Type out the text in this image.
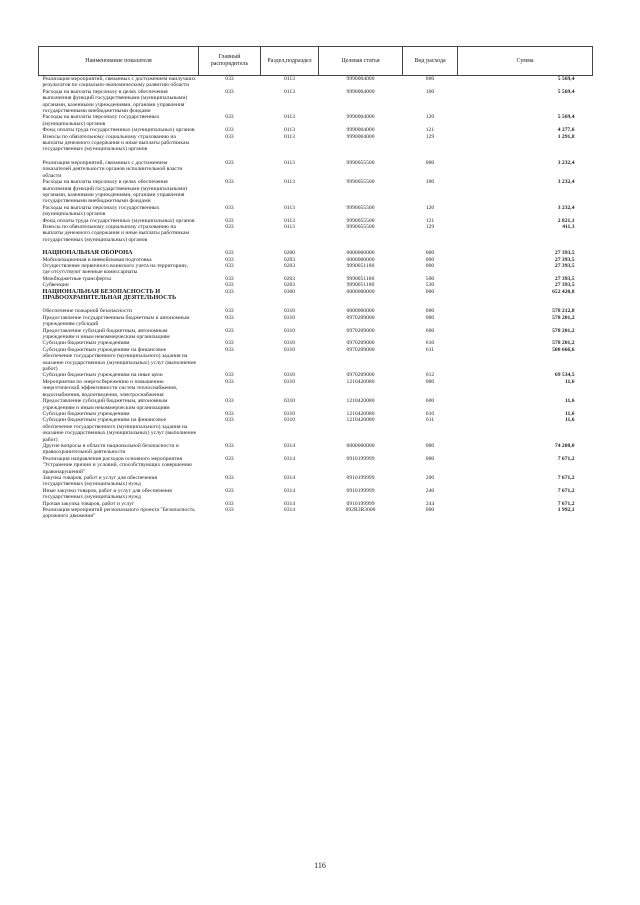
Наименование показателя	Главный распорядитель	Раздел,подраздел	Целевая статья	Вид расхода	Сумма
Реализация мероприятий, связанных с достижением наилучших результатов по социально-экономическому развитию области	033	0113	9990004000	000	5 569,4
Расходы на выплаты персоналу в целях обеспечения выполнения функций государственными (муниципальными) органами, казенными учреждениями, органами управления государственными внебюджетными фондами	033	0113	9990004000	100	5 569,4
Расходы на выплаты персоналу государственных (муниципальных) органов	033	0113	9990004000	120	5 569,4
Фонд оплаты труда государственных (муниципальных) органов	033	0113	9990004000	121	4 277,6
Взносы по обязательному социальному страхованию на выплаты денежного содержания и иные выплаты работникам государственных (муниципальных) органов	033	0113	9990004000	129	1 291,8
Реализация мероприятий, связанных с достижением показателей деятельности органов исполнительной власти области	033	0113	9990055500	000	3 232,4
Расходы на выплаты персоналу в целях обеспечения выполнения функций государственными (муниципальными) органами, казенными учреждениями, органами управления государственными внебюджетными фондами	033	0113	9990055500	100	3 232,4
Расходы на выплаты персоналу государственных (муниципальных) органов	033	0113	9990055500	120	3 232,4
Фонд оплаты труда государственных (муниципальных) органов	033	0113	9990055500	121	2 821,1
Взносы по обязательному социальному страхованию на выплаты денежного содержания и иные выплаты работникам государственных (муниципальных) органов	033	0113	9990055500	129	411,3
НАЦИОНАЛЬНАЯ ОБОРОНА	033	0200	0000000000	000	27 393,5
Мобилизационная и вневойсковая подготовка	033	0203	0000000000	000	27 393,5
Осуществление первичного воинского учета на территориях, где отсутствуют военные комиссариаты	033	0203	9990051180	000	27 393,5
Межбюджетные трансферты	033	0203	9990051180	500	27 393,5
Субвенции	033	0203	9990051180	530	27 393,5
НАЦИОНАЛЬНАЯ БЕЗОПАСНОСТЬ И ПРАВООХРАНИТЕЛЬНАЯ ДЕЯТЕЛЬНОСТЬ	033	0300	0000000000	000	652 420,8
Обеспечение пожарной безопасности	033	0310	0000000000	000	578 212,8
Предоставление государственным бюджетным и автономным учреждениям субсидий	033	0310	0970209000	000	578 201,2
Предоставление субсидий бюджетным, автономным учреждениям и иным некоммерческим организациям	033	0310	0970209000	600	578 201,2
Субсидии бюджетным учреждениям	033	0310	0970209000	610	578 201,2
Субсидии бюджетным учреждениям на финансовое обеспечение государственного (муниципального) задания на оказание государственных (муниципальных) услуг (выполнение работ)	033	0310	0970209000	611	508 666,6
Субсидии бюджетным учреждениям на иные цели	033	0310	0970209000	612	69 534,5
Мероприятия по энергосбережению и повышению энергетической эффективности систем теплоснабжения, водоснабжения, водоотведения, электроснабжения	033	0310	1210420080	000	11,6
Предоставление субсидий бюджетным, автономным учреждениям и иным некоммерческим организациям	033	0310	1210420080	600	11,6
Субсидии бюджетным учреждениям	033	0310	1210420080	610	11,6
Субсидии бюджетным учреждениям на финансовое обеспечение государственного (муниципального) задания на оказание государственных (муниципальных) услуг (выполнение работ)	033	0310	1210420080	611	11,6
Другие вопросы в области национальной безопасности и правоохранительной деятельности	033	0314	0000000000	000	74 208,0
Реализация направления расходов основного мероприятия "Устранение причин и условий, способствующих совершению правонарушений"	033	0314	0910199999	000	7 671,2
Закупка товаров, работ и услуг для обеспечения государственных (муниципальных) нужд	033	0314	0910199999	200	7 671,2
Иные закупки товаров, работ и услуг для обеспечения государственных (муниципальных) нужд	033	0314	0910199999	240	7 671,2
Прочая закупка товаров, работ и услуг	033	0314	0910199999	244	7 671,2
Реализация мероприятий регионального проекта "Безопасность дорожного движения"	033	0314	092R3R3000	000	1 992,1
116
